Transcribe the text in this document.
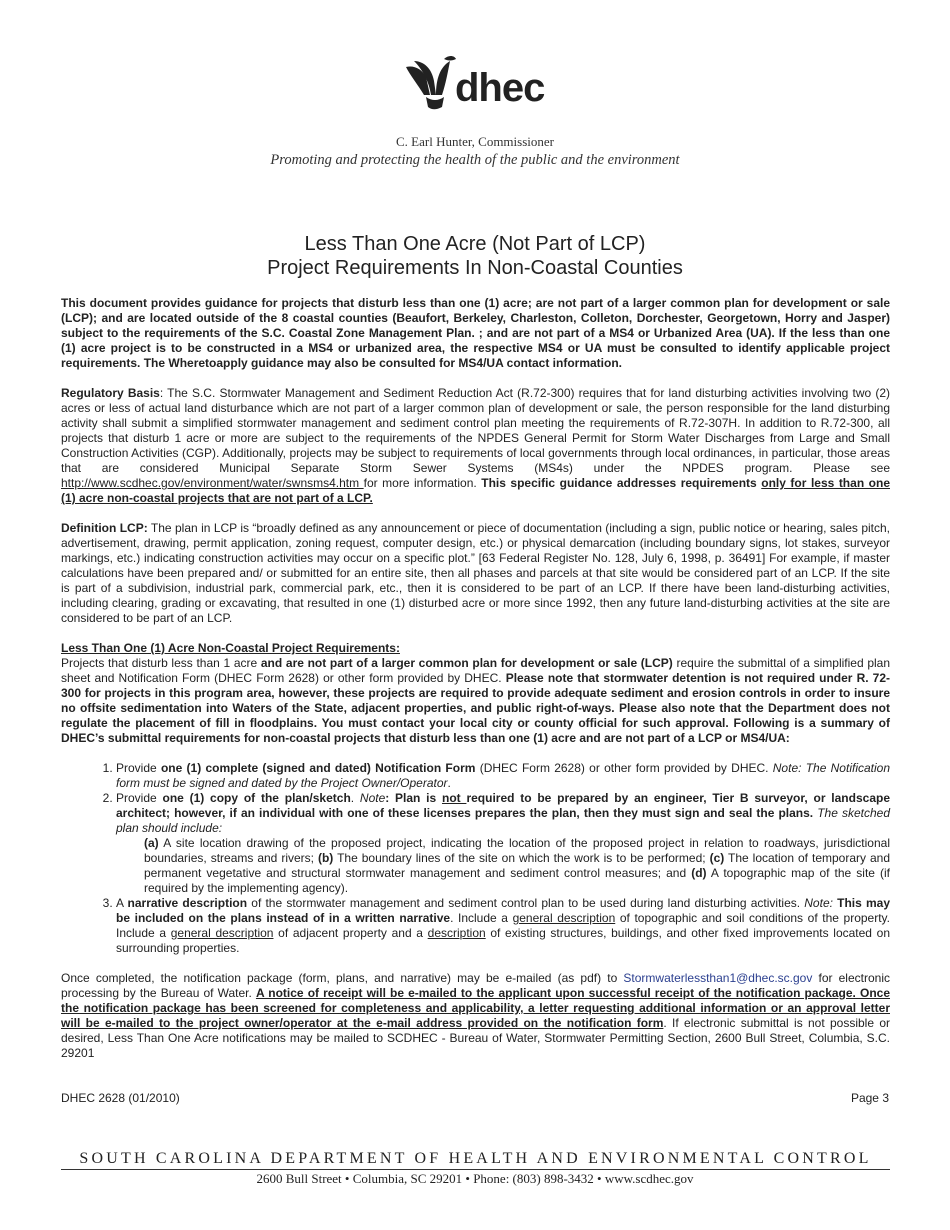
dhec
C. Earl Hunter, Commissioner
Promoting and protecting the health of the public and the environment
Less Than One Acre (Not Part of LCP)
Project Requirements In Non-Coastal Counties

This document provides guidance for projects that disturb less than one (1) acre; are not part of a larger common plan for development or sale (LCP); and are located outside of the 8 coastal counties (Beaufort, Berkeley, Charleston, Colleton, Dorchester, Georgetown, Horry and Jasper) subject to the requirements of the S.C. Coastal Zone Management Plan. ; and are not part of a MS4 or Urbanized Area (UA). If the less than one (1) acre project is to be constructed in a MS4 or urbanized area, the respective MS4 or UA must be consulted to identify applicable project requirements. The Wheretoapply guidance may also be consulted for MS4/UA contact information.

Regulatory Basis: The S.C. Stormwater Management and Sediment Reduction Act (R.72-300) requires that for land disturbing activities involving two (2) acres or less of actual land disturbance which are not part of a larger common plan of development or sale, the person responsible for the land disturbing activity shall submit a simplified stormwater management and sediment control plan meeting the requirements of R.72-307H. In addition to R.72-300, all projects that disturb 1 acre or more are subject to the requirements of the NPDES General Permit for Storm Water Discharges from Large and Small Construction Activities (CGP). Additionally, projects may be subject to requirements of local governments through local ordinances, in particular, those areas that are considered Municipal Separate Storm Sewer Systems (MS4s) under the NPDES program. Please see http://www.scdhec.gov/environment/water/swnsms4.htm for more information. This specific guidance addresses requirements only for less than one (1) acre non-coastal projects that are not part of a LCP.

Definition LCP: The plan in LCP is “broadly defined as any announcement or piece of documentation (including a sign, public notice or hearing, sales pitch, advertisement, drawing, permit application, zoning request, computer design, etc.) or physical demarcation (including boundary signs, lot stakes, surveyor markings, etc.) indicating construction activities may occur on a specific plot.” [63 Federal Register No. 128, July 6, 1998, p. 36491] For example, if master calculations have been prepared and/ or submitted for an entire site, then all phases and parcels at that site would be considered part of an LCP. If the site is part of a subdivision, industrial park, commercial park, etc., then it is considered to be part of an LCP. If there have been land-disturbing activities, including clearing, grading or excavating, that resulted in one (1) disturbed acre or more since 1992, then any future land-disturbing activities at the site are considered to be part of an LCP.

Less Than One (1) Acre Non-Coastal Project Requirements:

Projects that disturb less than 1 acre and are not part of a larger common plan for development or sale (LCP) require the submittal of a simplified plan sheet and Notification Form (DHEC Form 2628) or other form provided by DHEC. Please note that stormwater detention is not required under R. 72-300 for projects in this program area, however, these projects are required to provide adequate sediment and erosion controls in order to insure no offsite sedimentation into Waters of the State, adjacent properties, and public right-of-ways. Please also note that the Department does not regulate the placement of fill in floodplains. You must contact your local city or county official for such approval. Following is a summary of DHEC’s submittal requirements for non-coastal projects that disturb less than one (1) acre and are not part of a LCP or MS4/UA:

1. Provide one (1) complete (signed and dated) Notification Form (DHEC Form 2628) or other form provided by DHEC. Note: The Notification form must be signed and dated by the Project Owner/Operator.
2. Provide one (1) copy of the plan/sketch. Note: Plan is not required to be prepared by an engineer, Tier B surveyor, or landscape architect; however, if an individual with one of these licenses prepares the plan, then they must sign and seal the plans. The sketched plan should include:
(a) A site location drawing of the proposed project, indicating the location of the proposed project in relation to roadways, jurisdictional boundaries, streams and rivers; (b) The boundary lines of the site on which the work is to be performed; (c) The location of temporary and permanent vegetative and structural stormwater management and sediment control measures; and (d) A topographic map of the site (if required by the implementing agency).
3. A narrative description of the stormwater management and sediment control plan to be used during land disturbing activities. Note: This may be included on the plans instead of in a written narrative. Include a general description of topographic and soil conditions of the property. Include a general description of adjacent property and a description of existing structures, buildings, and other fixed improvements located on surrounding properties.

Once completed, the notification package (form, plans, and narrative) may be e-mailed (as pdf) to Stormwaterlessthan1@dhec.sc.gov for electronic processing by the Bureau of Water. A notice of receipt will be e-mailed to the applicant upon successful receipt of the notification package. Once the notification package has been screened for completeness and applicability, a letter requesting additional information or an approval letter will be e-mailed to the project owner/operator at the e-mail address provided on the notification form. If electronic submittal is not possible or desired, Less Than One Acre notifications may be mailed to SCDHEC - Bureau of Water, Stormwater Permitting Section, 2600 Bull Street, Columbia, S.C. 29201

DHEC 2628 (01/2010)	Page 3
SOUTH CAROLINA DEPARTMENT OF HEALTH AND ENVIRONMENTAL CONTROL
2600 Bull Street • Columbia, SC 29201 • Phone: (803) 898-3432 • www.scdhec.gov
